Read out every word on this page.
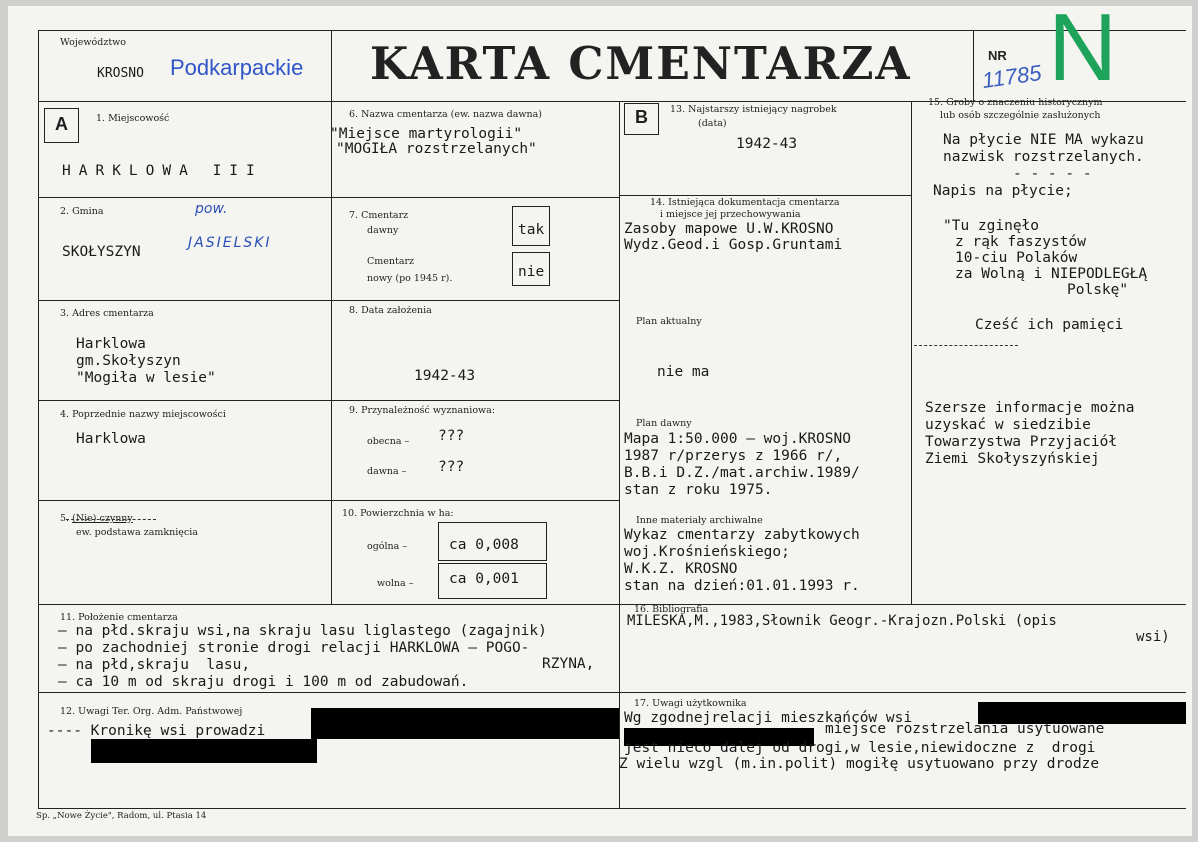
Województwo
KROSNO Podkarpackie KARTA CMENTARZA	NR
11785 N
A	B
1. Miejscowość
HARKLOWA III
2. Gmina
SKOŁYSZYN
pow.
JASIELSKI
3. Adres cmentarza
Harklowa
gm.Skołyszyn
"Mogiła w lesie"
4. Poprzednie nazwy miejscowości
Harklowa
5. (Nie) czynny
ew. podstawa zamknięcia
6. Nazwa cmentarza (ew. nazwa dawna)
"Miejsce martyrologii"
"MOGIŁA rozstrzelanych"
7. Cmentarz
dawny	tak
Cmentarz
nowy (po 1945 r).	nie
8. Data założenia
1942-43
9. Przynależność wyznaniowa:
obecna – ???
dawna – ???
10. Powierzchnia w ha:
ogólna –	ca 0,008
wolna – ca 0,001
11. Położenie cmentarza
– na płd.skraju wsi,na skraju lasu liglastego (zagajnik)
– po zachodniej stronie drogi relacji HARKLOWA – POGO-
– na płd,skraju  lasu,	RZYNA,
– ca 10 m od skraju drogi i 100 m od zabudowań.
12. Uwagi Ter. Org. Adm. Państwowej
---- Kronikę wsi prowadzi
13. Najstarszy istniejący nagrobek
(data)
1942-43
14. Istniejąca dokumentacja cmentarza
i miejsce jej przechowywania
Zasoby mapowe U.W.KROSNO
Wydz.Geod.i Gosp.Gruntami
Plan aktualny
nie ma
Plan dawny
Mapa 1:50.000 – woj.KROSNO
1987 r/przerys z 1966 r/,
B.B.i D.Z./mat.archiw.1989/
stan z roku 1975.
Inne materiały archiwalne
Wykaz cmentarzy zabytkowych
woj.Krośnieńskiego;
W.K.Z. KROSNO
stan na dzień:01.01.1993 r.
15. Groby o znaczeniu historycznym
lub osób szczególnie zasłużonych
Na płycie NIE MA wykazu
nazwisk rozstrzelanych.
- - - - -
Napis na płycie;
"Tu zginęło
z rąk faszystów
10-ciu Polaków
za Wolną i NIEPODLEGŁĄ
Polskę"
Cześć ich pamięci
Szersze informacje można
uzyskać w siedzibie
Towarzystwa Przyjaciół
Ziemi Skołyszyńskiej
16. Bibliografia
MILESKA,M.,1983,Słownik Geogr.-Krajozn.Polski (opis
wsi)
17. Uwagi użytkownika
Wg zgodnejrelacji mieszkańców wsi
miejsce rozstrzelania usytuowane
jest nieco dalej od drogi,w lesie,niewidoczne z  drogi
Z wielu wzgl (m.in.polit) mogiłę usytuowano przy drodze
Sp. „Nowe Życie", Radom, ul. Ptasia 14
